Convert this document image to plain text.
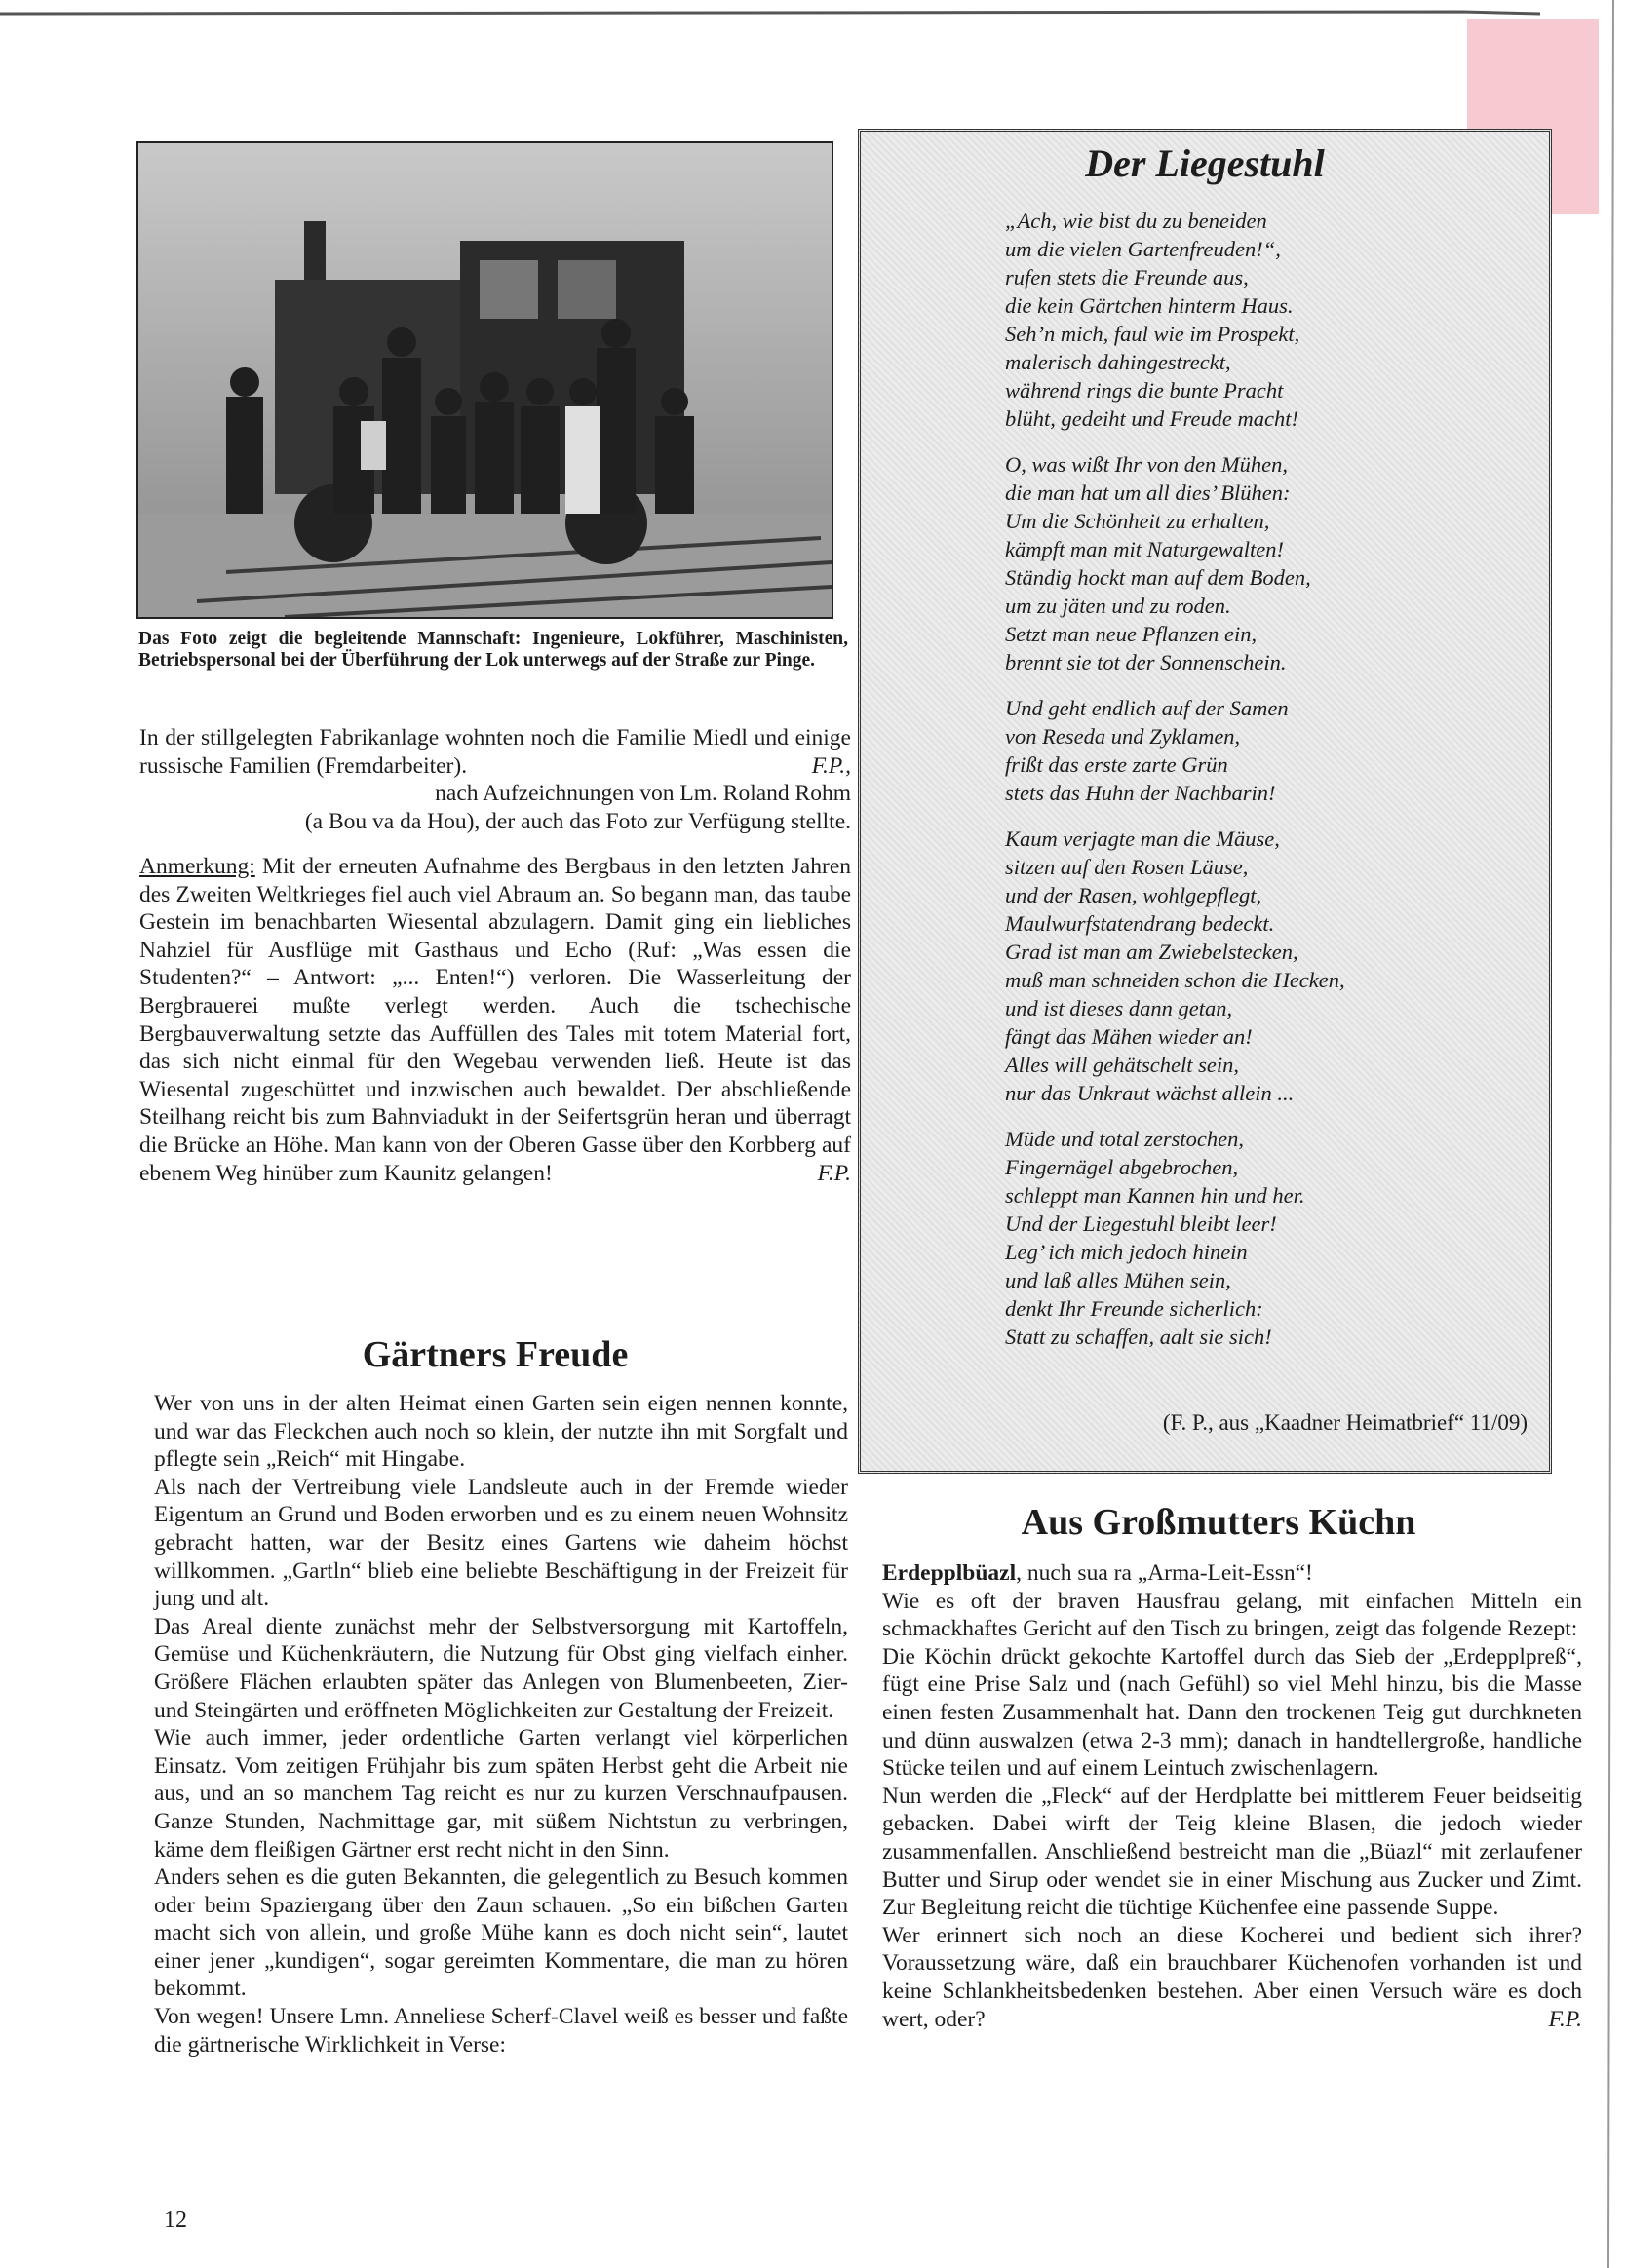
Das Foto zeigt die begleitende Mannschaft: Ingenieure, Lokführer, Maschinisten, Betriebspersonal bei der Überführung der Lok unterwegs auf der Straße zur Pinge.

In der stillgelegten Fabrikanlage wohnten noch die Familie Miedl und einige russische Familien (Fremdarbeiter).	F.P.,

nach Aufzeichnungen von Lm. Roland Rohm

(a Bou va da Hou), der auch das Foto zur Verfügung stellte.

Anmerkung: Mit der erneuten Aufnahme des Bergbaus in den letzten Jahren des Zweiten Weltkrieges fiel auch viel Abraum an. So begann man, das taube Gestein im benachbarten Wiesental abzulagern. Damit ging ein liebliches Nahziel für Ausflüge mit Gasthaus und Echo (Ruf: „Was essen die Studenten?“ – Antwort: „... Enten!“) verloren. Die Wasserleitung der Bergbrauerei mußte verlegt werden. Auch die tschechische Bergbauverwaltung setzte das Auffüllen des Tales mit totem Material fort, das sich nicht einmal für den Wegebau verwenden ließ. Heute ist das Wiesental zugeschüttet und inzwischen auch bewaldet. Der abschließende Steilhang reicht bis zum Bahnviadukt in der Seifertsgrün heran und überragt die Brücke an Höhe. Man kann von der Oberen Gasse über den Korbberg auf ebenem Weg hinüber zum Kaunitz gelangen!	F.P.

Gärtners Freude

Wer von uns in der alten Heimat einen Garten sein eigen nennen konnte, und war das Fleckchen auch noch so klein, der nutzte ihn mit Sorgfalt und pflegte sein „Reich“ mit Hingabe.

Als nach der Vertreibung viele Landsleute auch in der Fremde wieder Eigentum an Grund und Boden erworben und es zu einem neuen Wohnsitz gebracht hatten, war der Besitz eines Gartens wie daheim höchst willkommen. „Gartln“ blieb eine beliebte Beschäftigung in der Freizeit für jung und alt.

Das Areal diente zunächst mehr der Selbstversorgung mit Kartoffeln, Gemüse und Küchenkräutern, die Nutzung für Obst ging vielfach einher. Größere Flächen erlaubten später das Anlegen von Blumenbeeten, Zier- und Steingärten und eröffneten Möglichkeiten zur Gestaltung der Freizeit.

Wie auch immer, jeder ordentliche Garten verlangt viel körperlichen Einsatz. Vom zeitigen Frühjahr bis zum späten Herbst geht die Arbeit nie aus, und an so manchem Tag reicht es nur zu kurzen Verschnaufpausen. Ganze Stunden, Nachmittage gar, mit süßem Nichtstun zu verbringen, käme dem fleißigen Gärtner erst recht nicht in den Sinn.

Anders sehen es die guten Bekannten, die gelegentlich zu Besuch kommen oder beim Spaziergang über den Zaun schauen. „So ein bißchen Garten macht sich von allein, und große Mühe kann es doch nicht sein“, lautet einer jener „kundigen“, sogar gereimten Kommentare, die man zu hören bekommt.

Von wegen! Unsere Lmn. Anneliese Scherf-Clavel weiß es besser und faßte die gärtnerische Wirklichkeit in Verse:

Der Liegestuhl
„Ach, wie bist du zu beneiden
um die vielen Gartenfreuden!“,
rufen stets die Freunde aus,
die kein Gärtchen hinterm Haus.
Seh’n mich, faul wie im Prospekt,
malerisch dahingestreckt,
während rings die bunte Pracht
blüht, gedeiht und Freude macht!
O, was wißt Ihr von den Mühen,
die man hat um all dies’ Blühen:
Um die Schönheit zu erhalten,
kämpft man mit Naturgewalten!
Ständig hockt man auf dem Boden,
um zu jäten und zu roden.
Setzt man neue Pflanzen ein,
brennt sie tot der Sonnenschein.
Und geht endlich auf der Samen
von Reseda und Zyklamen,
frißt das erste zarte Grün
stets das Huhn der Nachbarin!
Kaum verjagte man die Mäuse,
sitzen auf den Rosen Läuse,
und der Rasen, wohlgepflegt,
Maulwurfstatendrang bedeckt.
Grad ist man am Zwiebelstecken,
muß man schneiden schon die Hecken,
und ist dieses dann getan,
fängt das Mähen wieder an!
Alles will gehätschelt sein,
nur das Unkraut wächst allein ...
Müde und total zerstochen,
Fingernägel abgebrochen,
schleppt man Kannen hin und her.
Und der Liegestuhl bleibt leer!
Leg’ ich mich jedoch hinein
und laß alles Mühen sein,
denkt Ihr Freunde sicherlich:
Statt zu schaffen, aalt sie sich!
(F. P., aus „Kaadner Heimatbrief“ 11/09)
Aus Großmutters Küchn

Erdepplbüazl, nuch sua ra „Arma-Leit-Essn“!

Wie es oft der braven Hausfrau gelang, mit einfachen Mitteln ein schmackhaftes Gericht auf den Tisch zu bringen, zeigt das folgende Rezept:

Die Köchin drückt gekochte Kartoffel durch das Sieb der „Erdepplpreß“, fügt eine Prise Salz und (nach Gefühl) so viel Mehl hinzu, bis die Masse einen festen Zusammenhalt hat. Dann den trockenen Teig gut durchkneten und dünn auswalzen (etwa 2-3 mm); danach in handtellergroße, handliche Stücke teilen und auf einem Leintuch zwischenlagern.

Nun werden die „Fleck“ auf der Herdplatte bei mittlerem Feuer beidseitig gebacken. Dabei wirft der Teig kleine Blasen, die jedoch wieder zusammenfallen. Anschließend bestreicht man die „Büazl“ mit zerlaufener Butter und Sirup oder wendet sie in einer Mischung aus Zucker und Zimt. Zur Begleitung reicht die tüchtige Küchenfee eine passende Suppe.

Wer erinnert sich noch an diese Kocherei und bedient sich ihrer? Voraussetzung wäre, daß ein brauchbarer Küchenofen vorhanden ist und keine Schlankheitsbedenken bestehen. Aber einen Versuch wäre es doch wert, oder?	F.P.

12
